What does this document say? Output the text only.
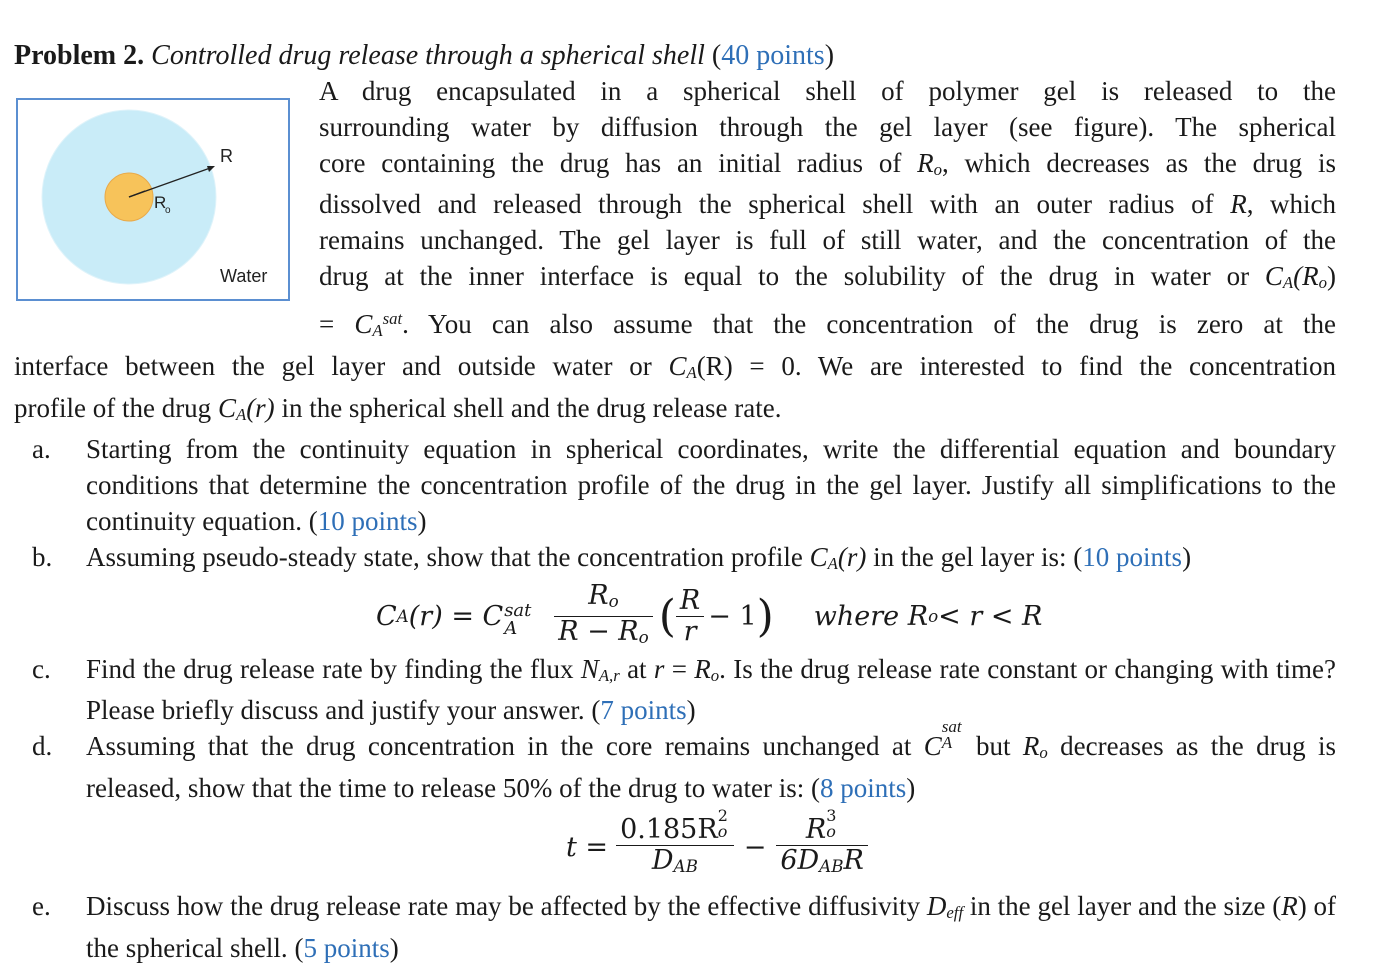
Problem 2. Controlled drug release through a spherical shell (40 points)
R
R
o
Water
A drug encapsulated in a spherical shell of polymer gel is released to the
surrounding water by diffusion through the gel layer (see figure). The spherical
core containing the drug has an initial radius of Ro, which decreases as the drug is
dissolved and released through the spherical shell with an outer radius of R, which
remains unchanged. The gel layer is full of still water, and the concentration of the
drug at the inner interface is equal to the solubility of the drug in water or CA(Ro)
= $CA^{sat}$. You can also assume that the concentration of the drug is zero at the
interface between the gel layer and outside water or CA(R) = 0. We are interested to find the concentration
profile of the drug CA(r) in the spherical shell and the drug release rate.
a. Starting from the continuity equation in spherical coordinates, write the differential equation and boundary conditions that determine the concentration profile of the drug in the gel layer. Justify all simplifications to the continuity equation. (10 points)
b. Assuming pseudo-steady state, show that the concentration profile CA(r) in the gel layer is: (10 points)
C A (r) = C sat
A $\frac{Ro}{R - Ro}$ ( $\frac{R}{r} - 1$ ) where R o < r < R
c. Find the drug release rate by finding the flux NA,r at r = Ro. Is the drug release rate constant or changing with time? Please briefly discuss and justify your answer. (7 points)
d. Assuming that the drug concentration in the core remains unchanged at C
sat
A but Ro decreases as the drug is released, show that the time to release 50% of the drug to water is: (8 points)
t = 0.185R 2
o

DAB − R 3
o

6DABR
e. Discuss how the drug release rate may be affected by the effective diffusivity Deff in the gel layer and the size (R) of the spherical shell. (5 points)
